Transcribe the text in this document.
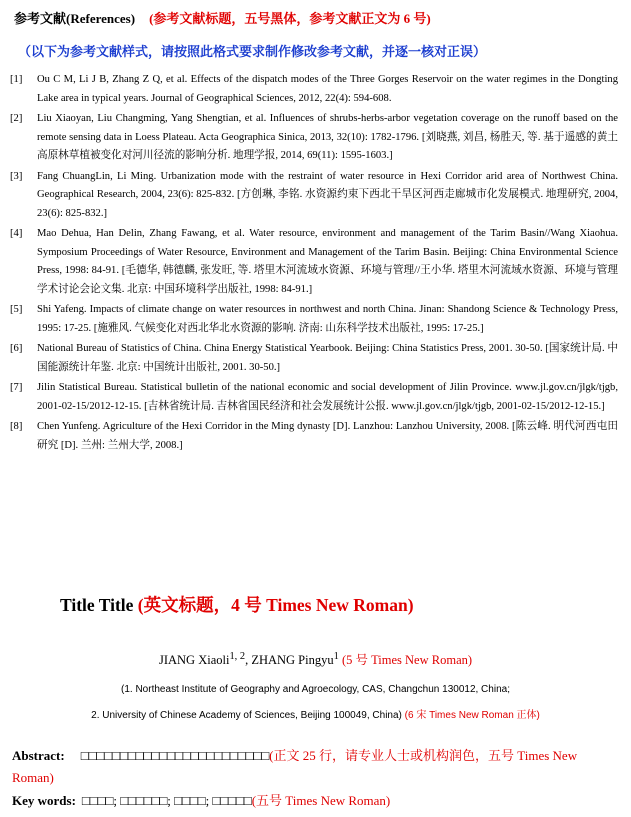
参考文献(References) (参考文献标题，五号黑体，参考文献正文为 6 号)
（以下为参考文献样式，请按照此格式要求制作修改参考文献，并逐一核对正误）
[1]	Ou C M, Li J B, Zhang Z Q, et al. Effects of the dispatch modes of the Three Gorges Reservoir on the water regimes in the Dongting Lake area in typical years. Journal of Geographical Sciences, 2012, 22(4): 594-608.
[2]	Liu Xiaoyan, Liu Changming, Yang Shengtian, et al. Influences of shrubs-herbs-arbor vegetation coverage on the runoff based on the remote sensing data in Loess Plateau. Acta Geographica Sinica, 2013, 32(10): 1782-1796. [刘晓燕, 刘昌, 杨胜天, 等. 基于遥感的黄土高原林草植被变化对河川径流的影响分析. 地理学报, 2014, 69(11): 1595-1603.]
[3]	Fang ChuangLin, Li Ming. Urbanization mode with the restraint of water resource in Hexi Corridor arid area of Northwest China. Geographical Research, 2004, 23(6): 825-832. [方创琳, 李铭. 水资源约束下西北干旱区河西走廊城市化发展模式. 地理研究, 2004, 23(6): 825-832.]
[4]	Mao Dehua, Han Delin, Zhang Fawang, et al. Water resource, environment and management of the Tarim Basin//Wang Xiaohua. Symposium Proceedings of Water Resource, Environment and Management of the Tarim Basin. Beijing: China Environmental Science Press, 1998: 84-91. [毛德华, 韩德麟, 张发旺, 等. 塔里木河流域水资源、环境与管理//王小华. 塔里木河流域水资源、环境与管理学术讨论会论文集. 北京: 中国环境科学出版社, 1998: 84-91.]
[5]	Shi Yafeng. Impacts of climate change on water resources in northwest and north China. Jinan: Shandong Science & Technology Press, 1995: 17-25. [施雅风. 气候变化对西北华北水资源的影响. 济南: 山东科学技术出版社, 1995: 17-25.]
[6]	National Bureau of Statistics of China. China Energy Statistical Yearbook. Beijing: China Statistics Press, 2001. 30-50. [国家统计局. 中国能源统计年鉴. 北京: 中国统计出版社, 2001. 30-50.]
[7]	Jilin Statistical Bureau. Statistical bulletin of the national economic and social development of Jilin Province. www.jl.gov.cn/jlgk/tjgb, 2001-02-15/2012-12-15. [吉林省统计局. 吉林省国民经济和社会发展统计公报. www.jl.gov.cn/jlgk/tjgb, 2001-02-15/2012-12-15.]
[8]	Chen Yunfeng. Agriculture of the Hexi Corridor in the Ming dynasty [D]. Lanzhou: Lanzhou University, 2008. [陈云峰. 明代河西屯田研究 [D]. 兰州: 兰州大学, 2008.]
Title Title (英文标题，4 号 Times New Roman)
JIANG Xiaoli$^{1, 2}$, ZHANG Pingyu$^1$ (5 号 Times New Roman)
(1. Northeast Institute of Geography and Agroecology, CAS, Changchun 130012, China;
2. University of Chinese Academy of Sciences, Beijing 100049, China) (6 宋 Times New Roman 正体)
Abstract: □□□□□□□□□□□□□□□□□□□□□□□□(正文 25 行，请专业人士或机构润色，五号 Times New Roman)
Key words: □□□□; □□□□□□; □□□□; □□□□□(五号 Times New Roman)
